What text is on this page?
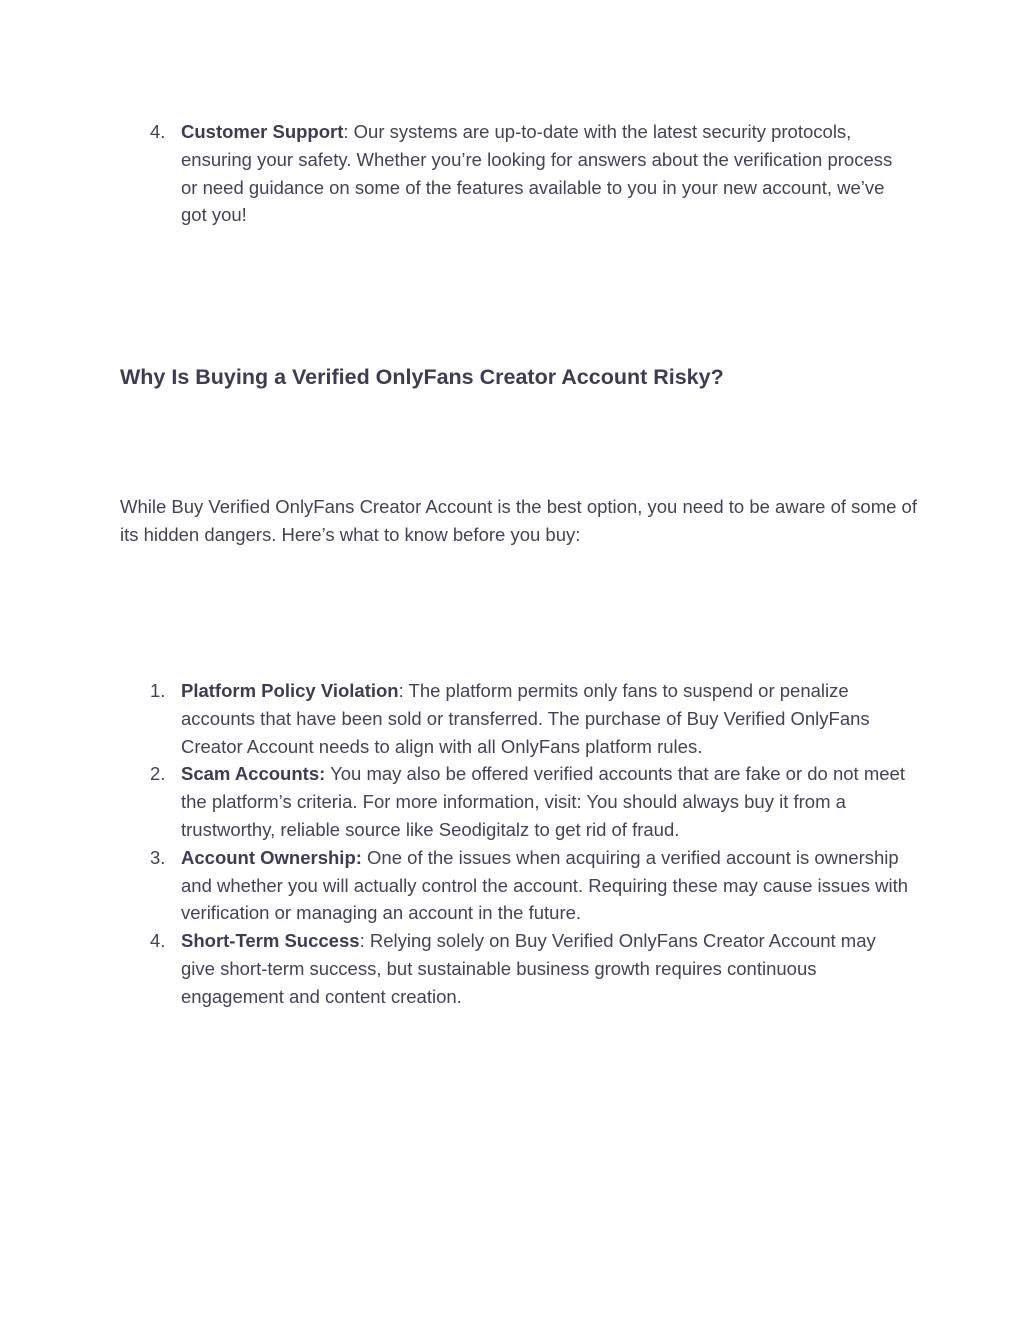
4. Customer Support: Our systems are up-to-date with the latest security protocols, ensuring your safety. Whether you’re looking for answers about the verification process or need guidance on some of the features available to you in your new account, we’ve got you!
Why Is Buying a Verified OnlyFans Creator Account Risky?

While Buy Verified OnlyFans Creator Account is the best option, you need to be aware of some of its hidden dangers. Here’s what to know before you buy:

1. Platform Policy Violation: The platform permits only fans to suspend or penalize accounts that have been sold or transferred. The purchase of Buy Verified OnlyFans Creator Account needs to align with all OnlyFans platform rules.
2. Scam Accounts: You may also be offered verified accounts that are fake or do not meet the platform’s criteria. For more information, visit: You should always buy it from a trustworthy, reliable source like Seodigitalz to get rid of fraud.
3. Account Ownership: One of the issues when acquiring a verified account is ownership and whether you will actually control the account. Requiring these may cause issues with verification or managing an account in the future.
4. Short-Term Success: Relying solely on Buy Verified OnlyFans Creator Account may give short-term success, but sustainable business growth requires continuous engagement and content creation.
